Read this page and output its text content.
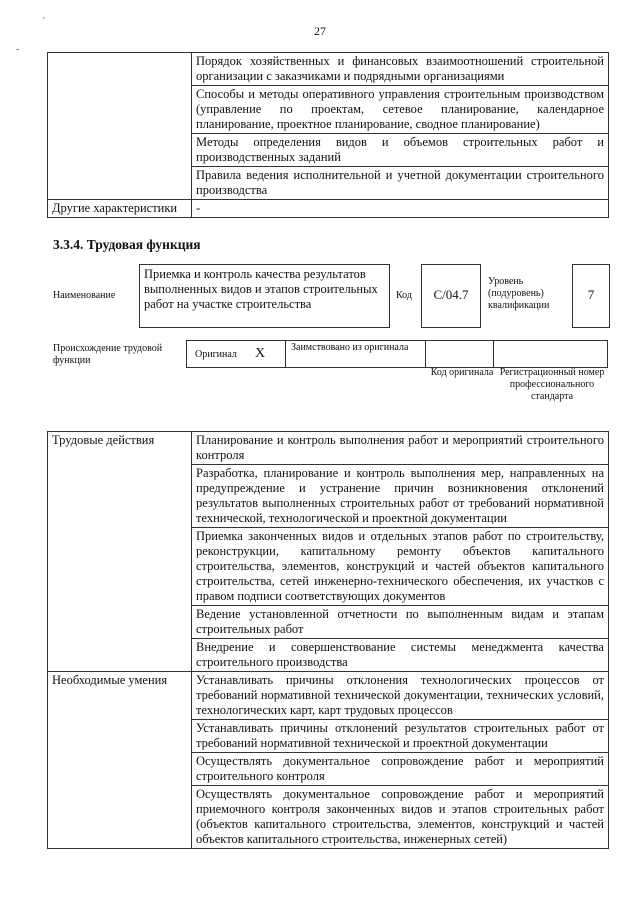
27
'
-
	Порядок хозяйственных и финансовых взаимоотношений строительной организации с заказчиками и подрядными организациями
	Способы и методы оперативного управления строительным производством (управление по проектам, сетевое планирование, календарное планирование, проектное планирование, сводное планирование)
	Методы определения видов и объемов строительных работ и производственных заданий
	Правила ведения исполнительной и учетной документации строительного производства
Другие характеристики	-
3.3.4. Трудовая функция
Наименование
Приемка и контроль качества результатов выполненных видов и этапов строительных работ на участке строительства
Код	С/04.7
Уровень (подуровень) квалификации
7
Происхождение трудовой функции
Оригинал X	Заимствовано из оригинала
Код оригинала Регистрационный номер профессионального стандарта
Трудовые действия	Планирование и контроль выполнения работ и мероприятий строительного контроля
	Разработка, планирование и контроль выполнения мер, направленных на предупреждение и устранение причин возникновения отклонений результатов выполненных строительных работ от требований нормативной технической, технологической и проектной документации
	Приемка законченных видов и отдельных этапов работ по строительству, реконструкции, капитальному ремонту объектов капитального строительства, элементов, конструкций и частей объектов капитального строительства, сетей инженерно-технического обеспечения, их участков с правом подписи соответствующих документов
	Ведение установленной отчетности по выполненным видам и этапам строительных работ
	Внедрение и совершенствование системы менеджмента качества строительного производства
Необходимые умения	Устанавливать причины отклонения технологических процессов от требований нормативной технической документации, технических условий, технологических карт, карт трудовых процессов
	Устанавливать причины отклонений результатов строительных работ от требований нормативной технической и проектной документации
	Осуществлять документальное сопровождение работ и мероприятий строительного контроля
	Осуществлять документальное сопровождение работ и мероприятий приемочного контроля законченных видов и этапов строительных работ (объектов капитального строительства, элементов, конструкций и частей объектов капитального строительства, инженерных сетей)
